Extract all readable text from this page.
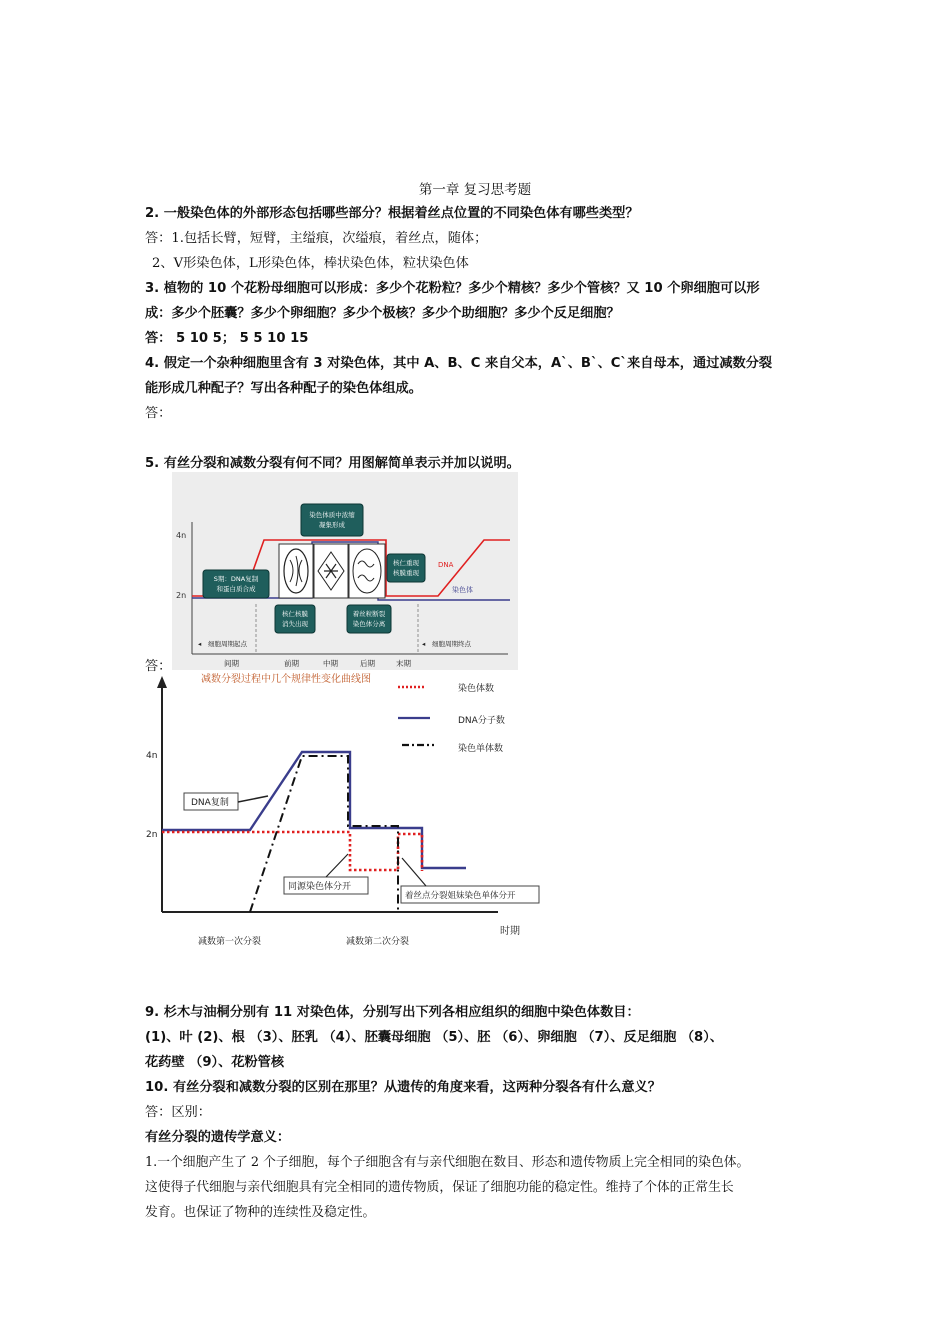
第一章 复习思考题
2. 一般染色体的外部形态包括哪些部分？根据着丝点位置的不同染色体有哪些类型？
答：1.包括长臂，短臂，主缢痕，次缢痕，着丝点，随体；
2、V形染色体，L形染色体，棒状染色体，粒状染色体
3. 植物的 10 个花粉母细胞可以形成：多少个花粉粒？多少个精核？多少个管核？又 10 个卵细胞可以形
成：多少个胚囊？多少个卵细胞？多少个极核？多少个助细胞？多少个反足细胞？
答： 5 10 5； 5 5 10 15
4. 假定一个杂种细胞里含有 3 对染色体，其中 A、B、C 来自父本，A`、B`、C`来自母本，通过减数分裂
能形成几种配子？写出各种配子的染色体组成。
答：
5. 有丝分裂和减数分裂有何不同？用图解简单表示并加以说明。
答：
4n
2n
染色体质中浓缩
凝集形成
S期：DNA复制
和蛋白质合成
核仁核膜
消失出现
着丝粒断裂
染色体分离
核仁重现
核膜重现
DNA
染色体
◂ 细胞周期起点	◂ 细胞周期终点
间期	前期	中期	后期	末期
减数分裂过程中几个规律性变化曲线图
4n
2n
染色体数
DNA分子数
染色单体数
DNA复制
同源染色体分开
着丝点分裂姐妹染色单体分开
时期
减数第一次分裂	减数第二次分裂
9. 杉木与油桐分别有 11 对染色体，分别写出下列各相应组织的细胞中染色体数目：
(1)、叶 (2)、根 （3）、胚乳 （4）、胚囊母细胞 （5）、胚 （6）、卵细胞 （7）、反足细胞 （8）、
花药壁 （9）、花粉管核
10. 有丝分裂和减数分裂的区别在那里？从遗传的角度来看，这两种分裂各有什么意义？
答：区别：
有丝分裂的遗传学意义：
1.一个细胞产生了 2 个子细胞，每个子细胞含有与亲代细胞在数目、形态和遗传物质上完全相同的染色体。
这使得子代细胞与亲代细胞具有完全相同的遗传物质，保证了细胞功能的稳定性。维持了个体的正常生长
发育。也保证了物种的连续性及稳定性。
